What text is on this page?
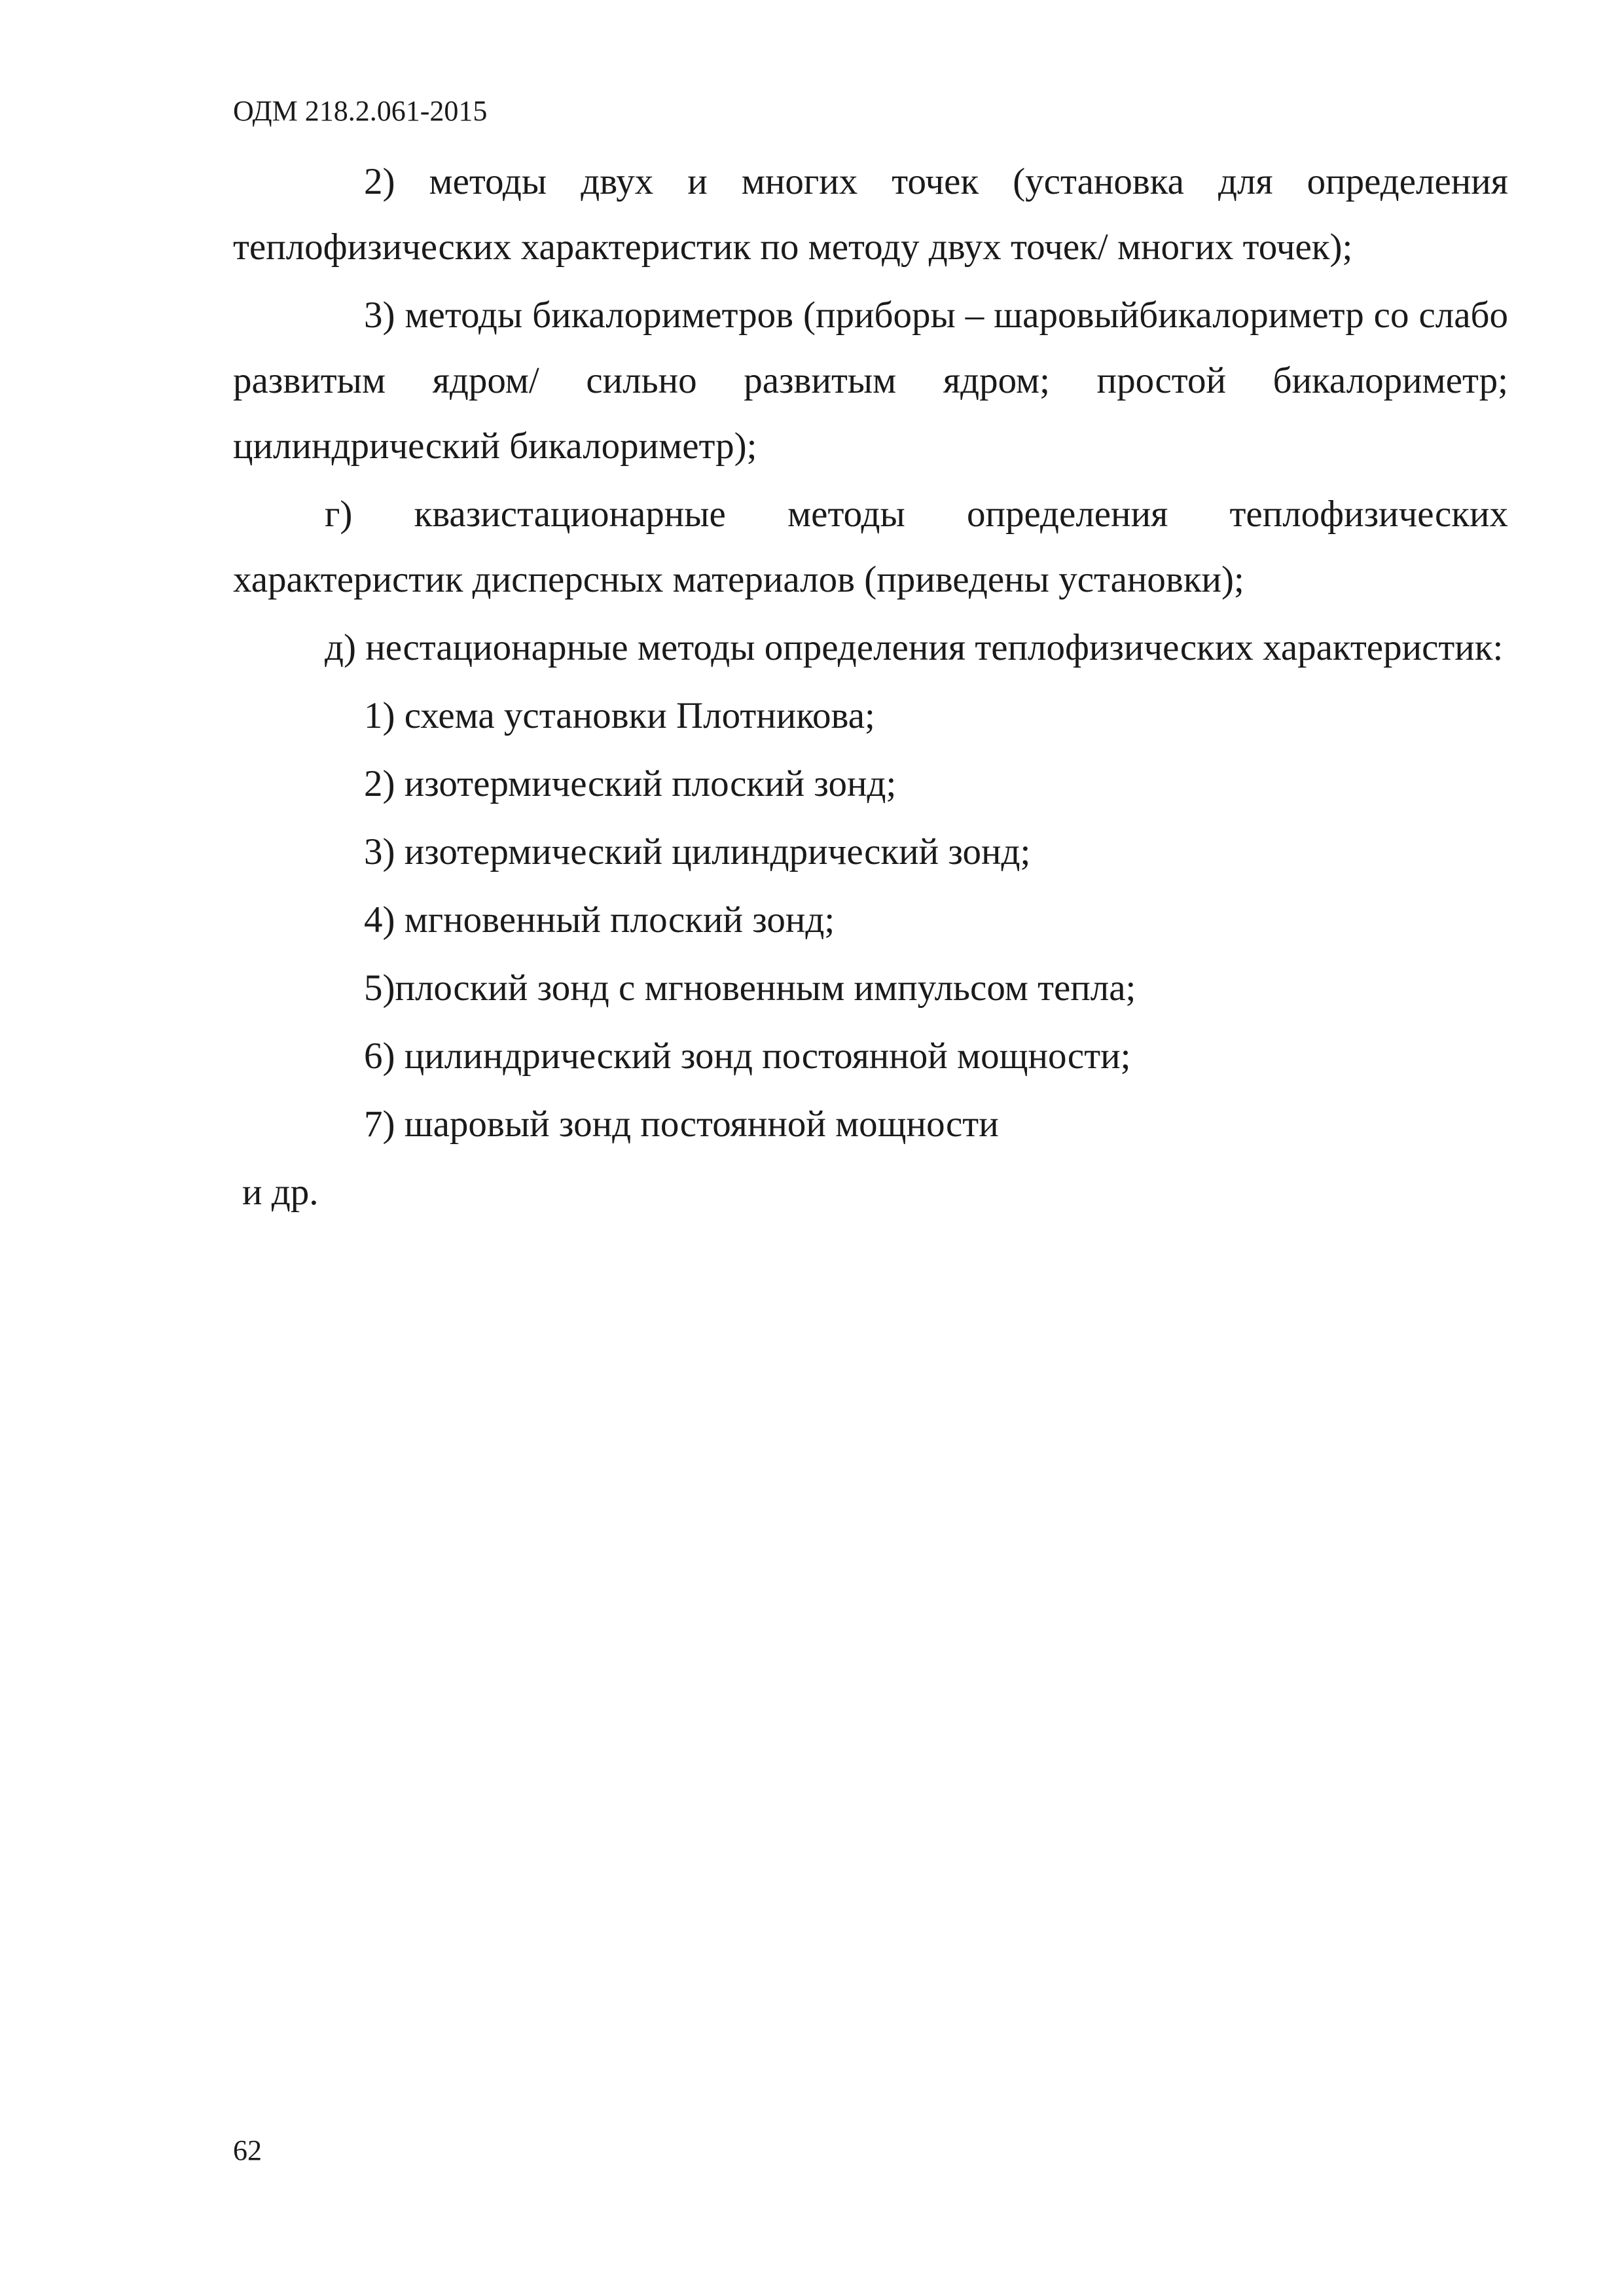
ОДМ 218.2.061-2015

2) методы двух и многих точек (установка для определения теплофизических характеристик по методу двух точек/ многих точек);

3) методы бикалориметров (приборы – шаровыйбикалориметр со слабо развитым ядром/ сильно развитым ядром; простой бикалориметр; цилиндрический бикалориметр);

г) квазистационарные методы определения теплофизических характеристик дисперсных материалов (приведены установки);

д) нестационарные методы определения теплофизических характеристик:

1) схема установки Плотникова;

2) изотермический плоский зонд;

3) изотермический цилиндрический зонд;

4) мгновенный плоский зонд;

5)плоский зонд с мгновенным импульсом тепла;

6) цилиндрический зонд постоянной мощности;

7) шаровый зонд постоянной мощности

и др.

62
